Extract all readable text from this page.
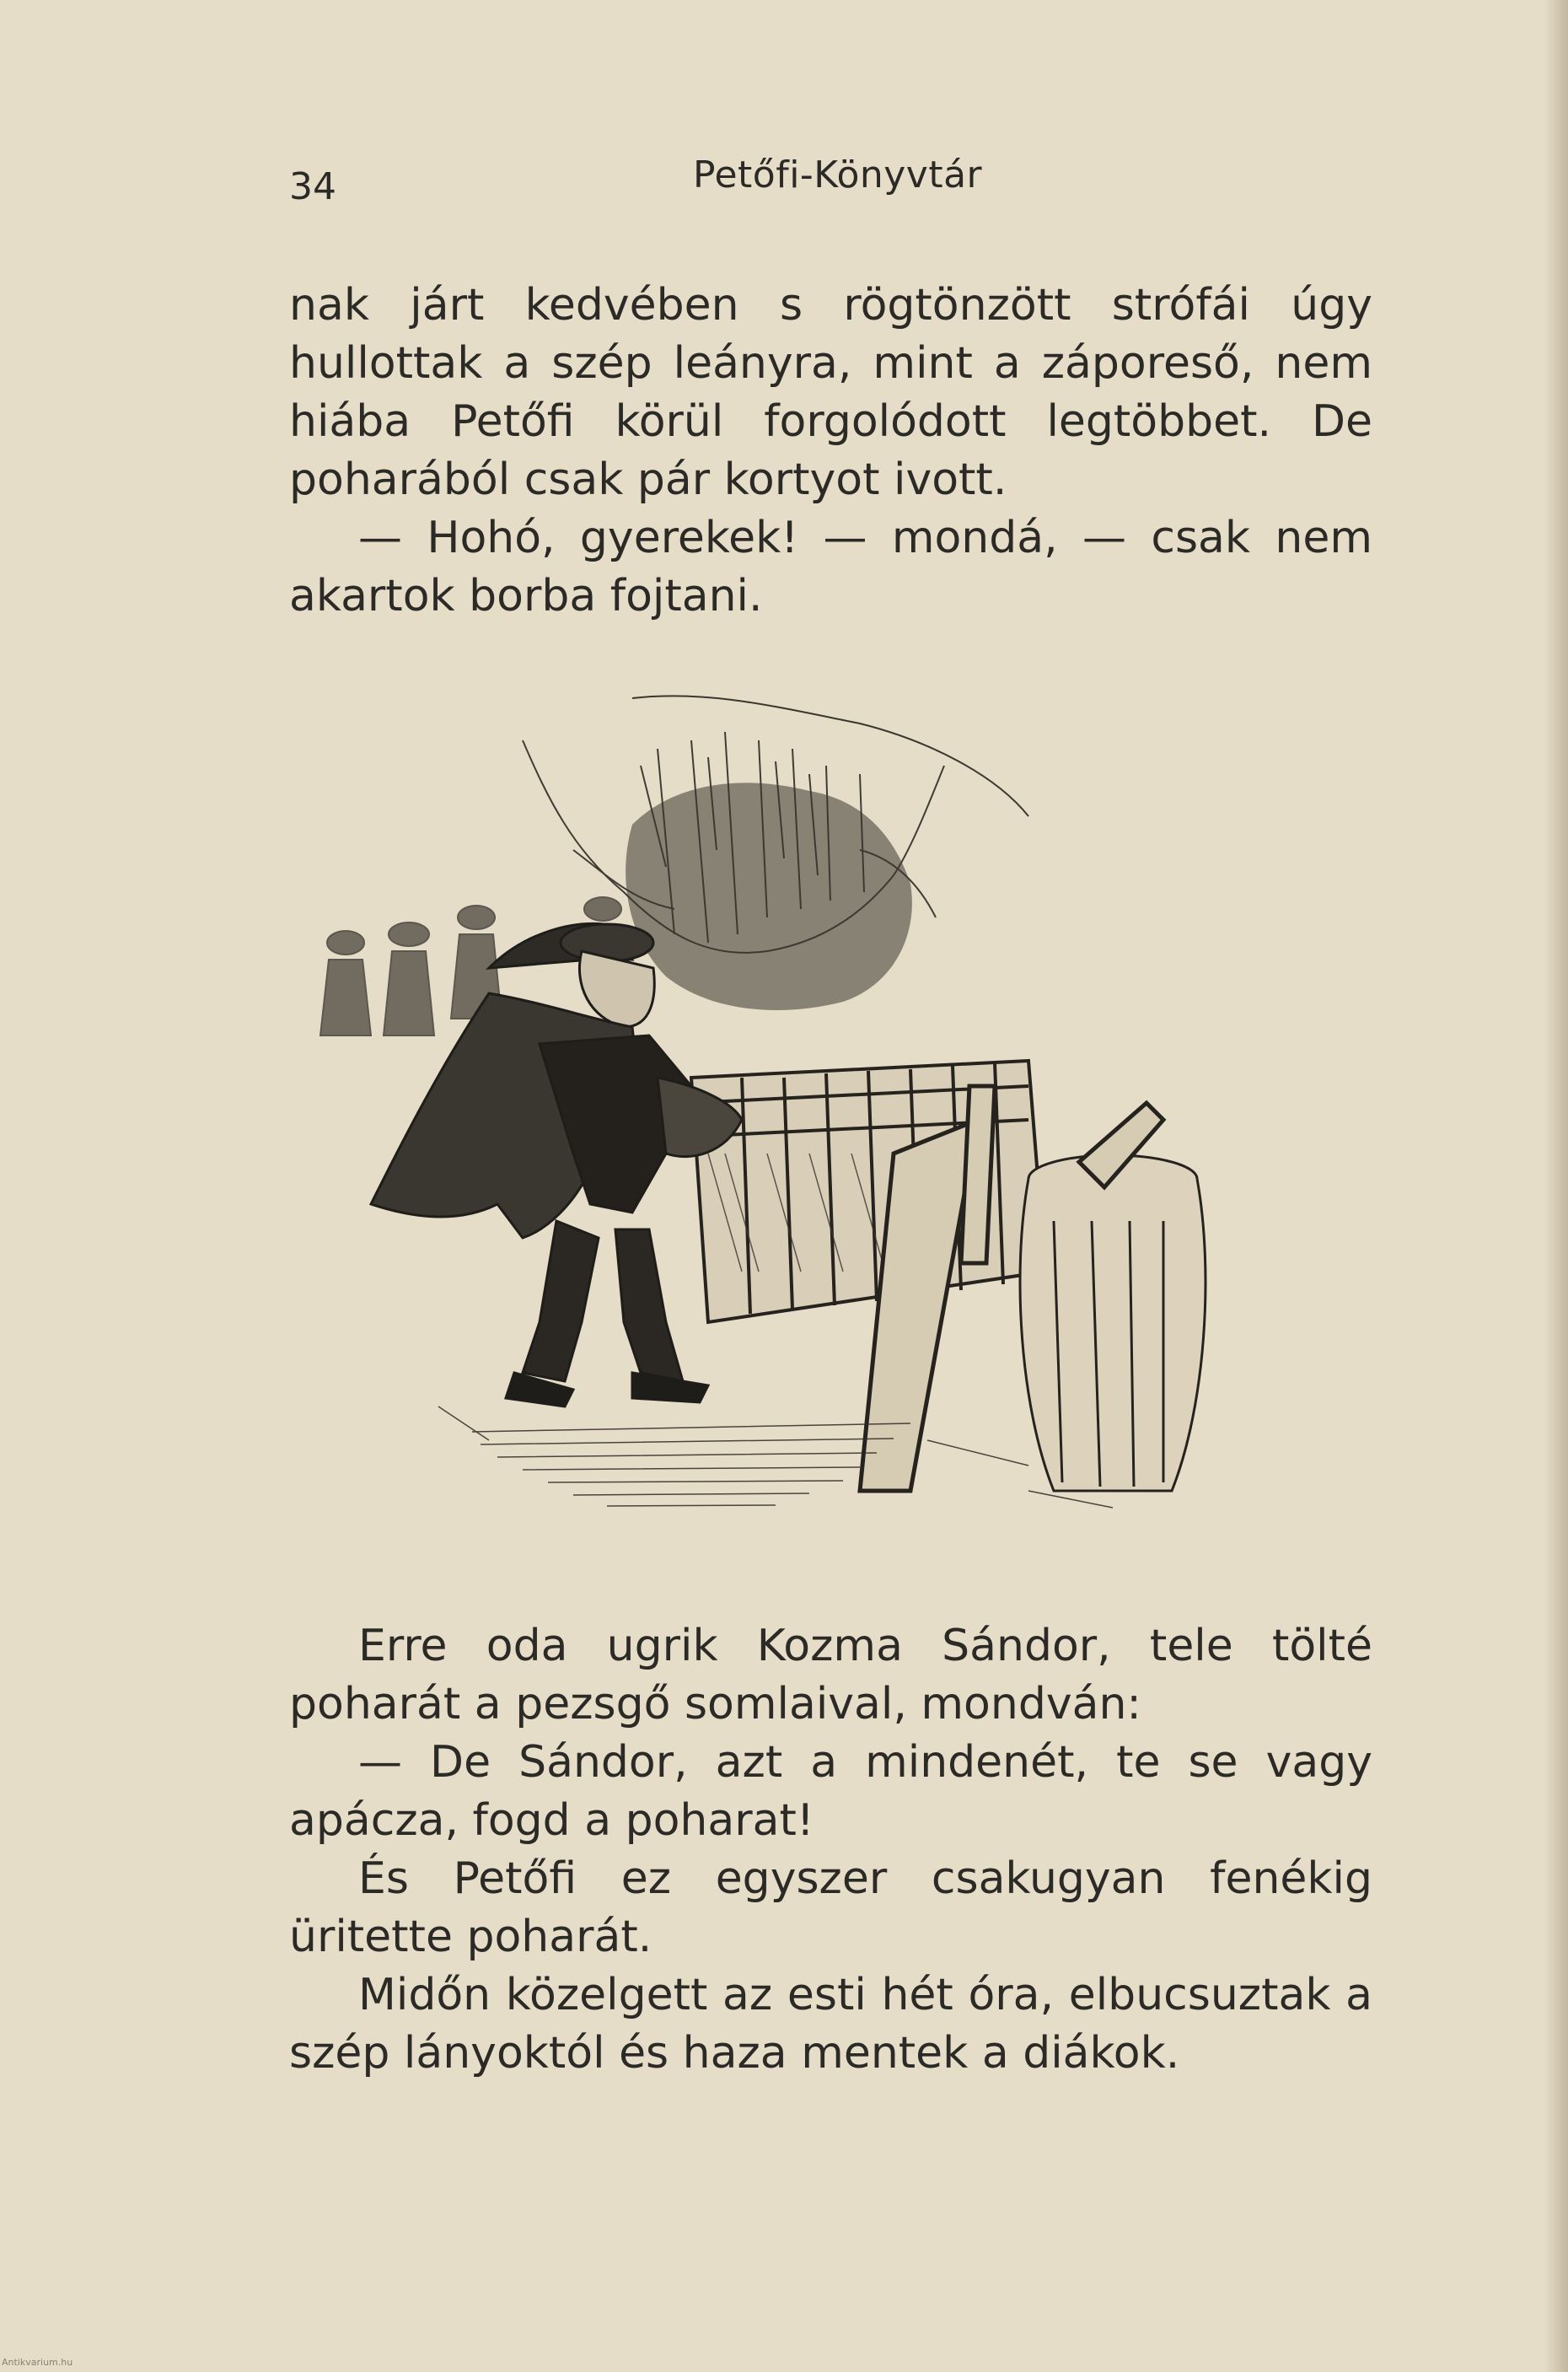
34	Petőfi-Könyvtár

nak járt kedvében s rögtönzött strófái úgy hullottak a szép leányra, mint a záporeső, nem hiába Petőfi körül forgolódott legtöbbet. De poharából csak pár kortyot ivott.

— Hohó, gyerekek! — mondá, — csak nem akartok borba fojtani.

Erre oda ugrik Kozma Sándor, tele tölté poharát a pezsgő somlaival, mondván:

— De Sándor, azt a mindenét, te se vagy apácza, fogd a poharat!

És Petőfi ez egyszer csakugyan fenékig üritette poharát.

Midőn közelgett az esti hét óra, elbucsuztak a szép lányoktól és haza mentek a diákok.

Antikvarium.hu
